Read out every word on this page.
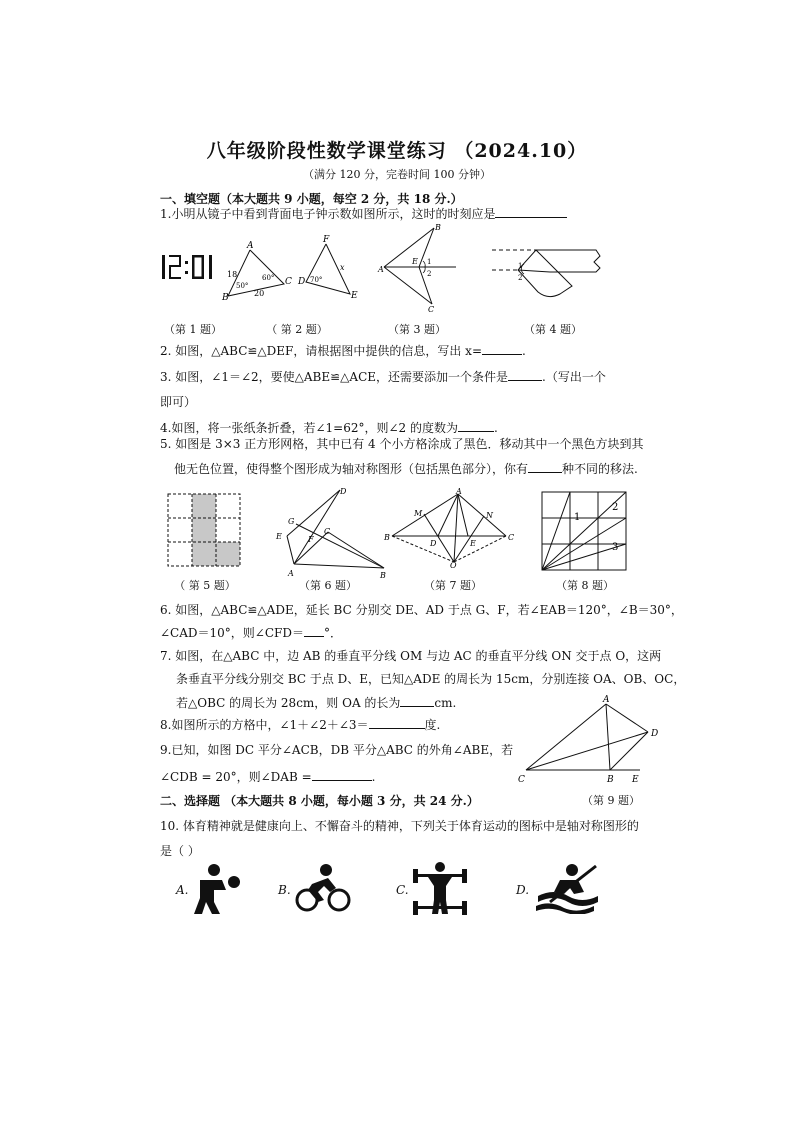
八年级阶段性数学课堂练习 （2024.10）
（满分 120 分，完卷时间 100 分钟）
一、填空题（本大题共 9 小题，每空 2 分，共 18 分.）
1.小明从镜子中看到背面电子钟示数如图所示，这时的时刻应是
A
B
C
18
20
50°
60°
F
D
E
70°
x	A
B
C
E 1
2
1
2
（第 1 题）	（ 第 2 题）	（第 3 题）	（第 4 题）
2. 如图，△ABC≌△DEF，请根据图中提供的信息，写出 x=	.
3. 如图，∠1＝∠2，要使△ABE≌△ACE，还需要添加一个条件是	.（写出一个
即可）
4.如图，将一张纸条折叠，若∠1=62°，则∠2 的度数为	.
5. 如图是 3×3 正方形网格，其中已有 4 个小方格涂成了黑色．移动其中一个黑色方块到其
他无色位置，使得整个图形成为轴对称图形（包括黑色部分），你有	种不同的移法.
A	B
C
D
E	F
G
A
B	C
D	E
M	N
O
1
2
3
（ 第 5 题）	（第 6 题）	（第 7 题）	（第 8 题）
6. 如图，△ABC≌△ADE，延长 BC 分别交 DE、AD 于点 G、F，若∠EAB＝120°，∠B＝30°，
∠CAD＝10°，则∠CFD＝ °．
7. 如图，在△ABC 中，边 AB 的垂直平分线 OM 与边 AC 的垂直平分线 ON 交于点 O，这两
条垂直平分线分别交 BC 于点 D、E，已知△ADE 的周长为 15cm，分别连接 OA、OB、OC，
若△OBC 的周长为 28cm，则 OA 的长为	cm.
8.如图所示的方格中，∠1＋∠2＋∠3＝	度.
9.已知，如图 DC 平分∠ACB，DB 平分△ABC 的外角∠ABE，若
∠CDB = 20°，则∠DAB =	.
A
B
C
D
E
（第 9 题）
二、选择题 （本大题共 8 小题，每小题 3 分，共 24 分.）
10. 体育精神就是健康向上、不懈奋斗的精神，下列关于体育运动的图标中是轴对称图形的
是（ ）
A.	B.	C.	D.
